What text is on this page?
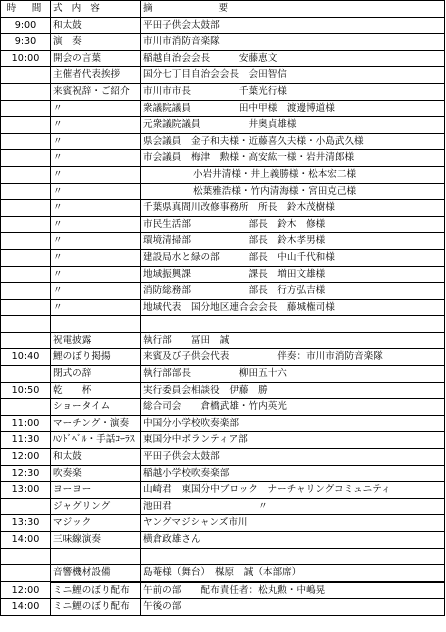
時　間	式 内 容	摘　　　　　要
9:00	和太鼓	平田子供会太鼓部
9:30	演　奏	市川市消防音楽隊
10:00	開会の言葉	稲越自治会会長　　　安藤恵文
	主催者代表挨拶	国分七丁目自治会会長　会田智信
	来賓祝辞・ご紹介	市川市市長　　　　　千葉光行様
	〃	衆議院議員　　　　　田中甲様　渡邊博道様
	〃	元衆議院議員　　　　　井奥貞雄様
	〃	県会議員　金子和夫様・近藤喜久夫様・小島武久様
	〃	市会議員　梅津　勲様・高安紘一様・岩井清郎様
	〃	小岩井清様・井上義勝様・松本宏二様
	〃	松葉雅浩様・竹内清海様・宮田克己様
	〃	千葉県真間川改修事務所　所長　鈴木茂樹様
	〃	市民生活部　　　　　　部長　鈴木　修様
	〃	環境清掃部　　　　　　部長　鈴木孝男様
	〃	建設局水と緑の部　　　部長　中山千代和様
	〃	地域振興課　　　　　　課長　増田文雄様
	〃	消防総務部　　　　　　部長　行方弘吉様
	〃	地域代表　国分地区連合会会長　藤城権司様

	祝電披露	執行部　　冨田　誠
10:40	鯉のぼり掲揚	来賓及び子供会代表　　　　　伴奏：市川市消防音楽隊
	閉式の辞	執行部部長　　　　　柳田五十六
10:50	乾　　杯	実行委員会相談役　伊藤　勝
	ショータイム	総合司会　　倉橋武雄・竹内英光
11:00	マーチング・演奏	中国分小学校吹奏楽部
11:30	ﾊﾝﾄﾞﾍﾞﾙ・手話ｺｰﾗｽ	東国分中ボランティア部
12:00	和太鼓	平田子供会太鼓部
12:30	吹奏楽	稲越小学校吹奏楽部
13:00	ヨーヨー	山崎君　東国分中ブロック　ナーチャリングコミュニティ
	ジャグリング	池田君　　　　　　　　　〃
13:30	マジック	ヤングマジシャンズ市川
14:00	三味線演奏	横倉政雄さん

	音響機材設備	島菴様（舞台）　楳原　誠（本部席）
12:00	ミニ鯉のぼり配布	午前の部　　配布責任者：松丸勲・中嶋晃
14:00	ミニ鯉のぼり配布	午後の部
